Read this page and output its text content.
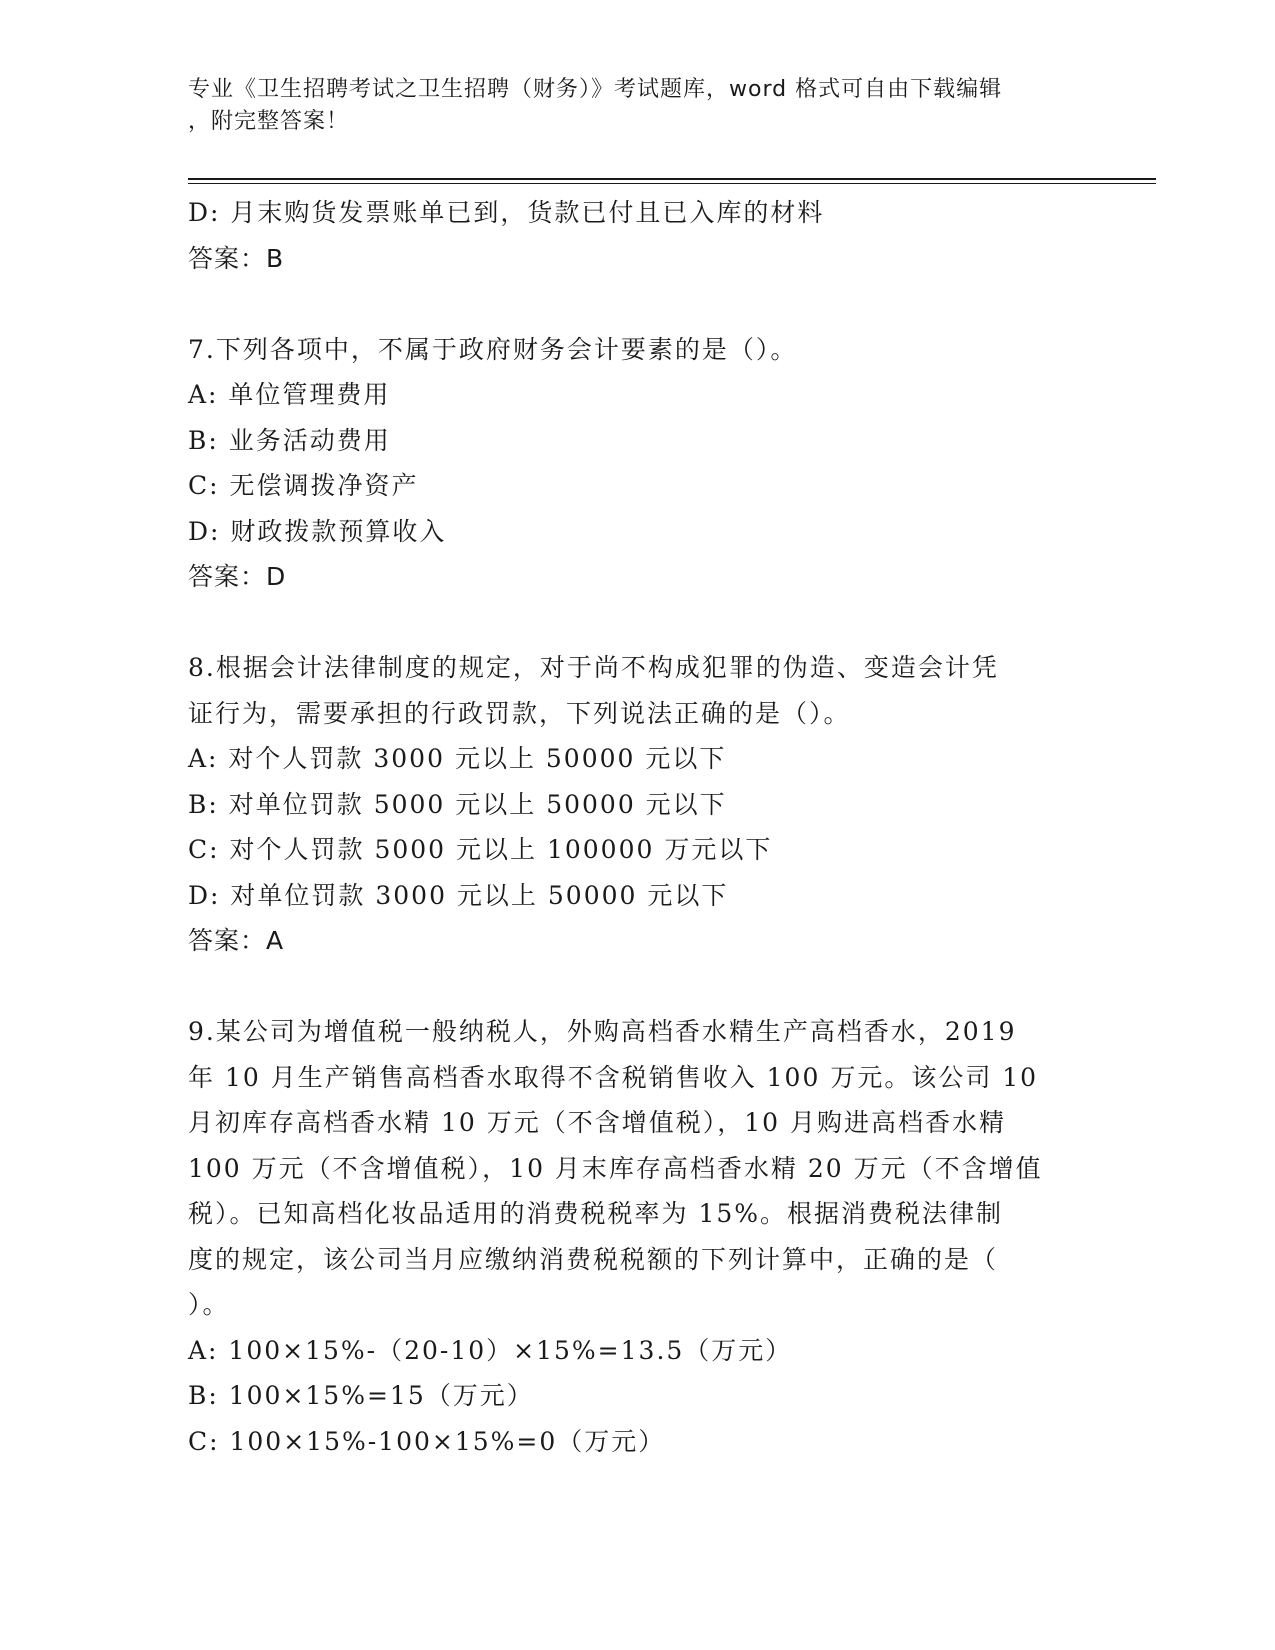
专业《卫生招聘考试之卫生招聘（财务）》考试题库，word 格式可自由下载编辑
，附完整答案！
D: 月末购货发票账单已到，货款已付且已入库的材料
答案：B
7.下列各项中，不属于政府财务会计要素的是（）。
A: 单位管理费用
B: 业务活动费用
C: 无偿调拨净资产
D: 财政拨款预算收入
答案：D
8.根据会计法律制度的规定，对于尚不构成犯罪的伪造、变造会计凭
证行为，需要承担的行政罚款，下列说法正确的是（）。
A: 对个人罚款 3000 元以上 50000 元以下
B: 对单位罚款 5000 元以上 50000 元以下
C: 对个人罚款 5000 元以上 100000 万元以下
D: 对单位罚款 3000 元以上 50000 元以下
答案：A
9.某公司为增值税一般纳税人，外购高档香水精生产高档香水，2019
年 10 月生产销售高档香水取得不含税销售收入 100 万元。该公司 10
月初库存高档香水精 10 万元（不含增值税），10 月购进高档香水精
100 万元（不含增值税），10 月末库存高档香水精 20 万元（不含增值
税）。已知高档化妆品适用的消费税税率为 15%。根据消费税法律制
度的规定，该公司当月应缴纳消费税税额的下列计算中，正确的是（
）。
A: 100×15%-（20-10）×15%=13.5（万元）
B: 100×15%=15（万元）
C: 100×15%-100×15%=0（万元）
